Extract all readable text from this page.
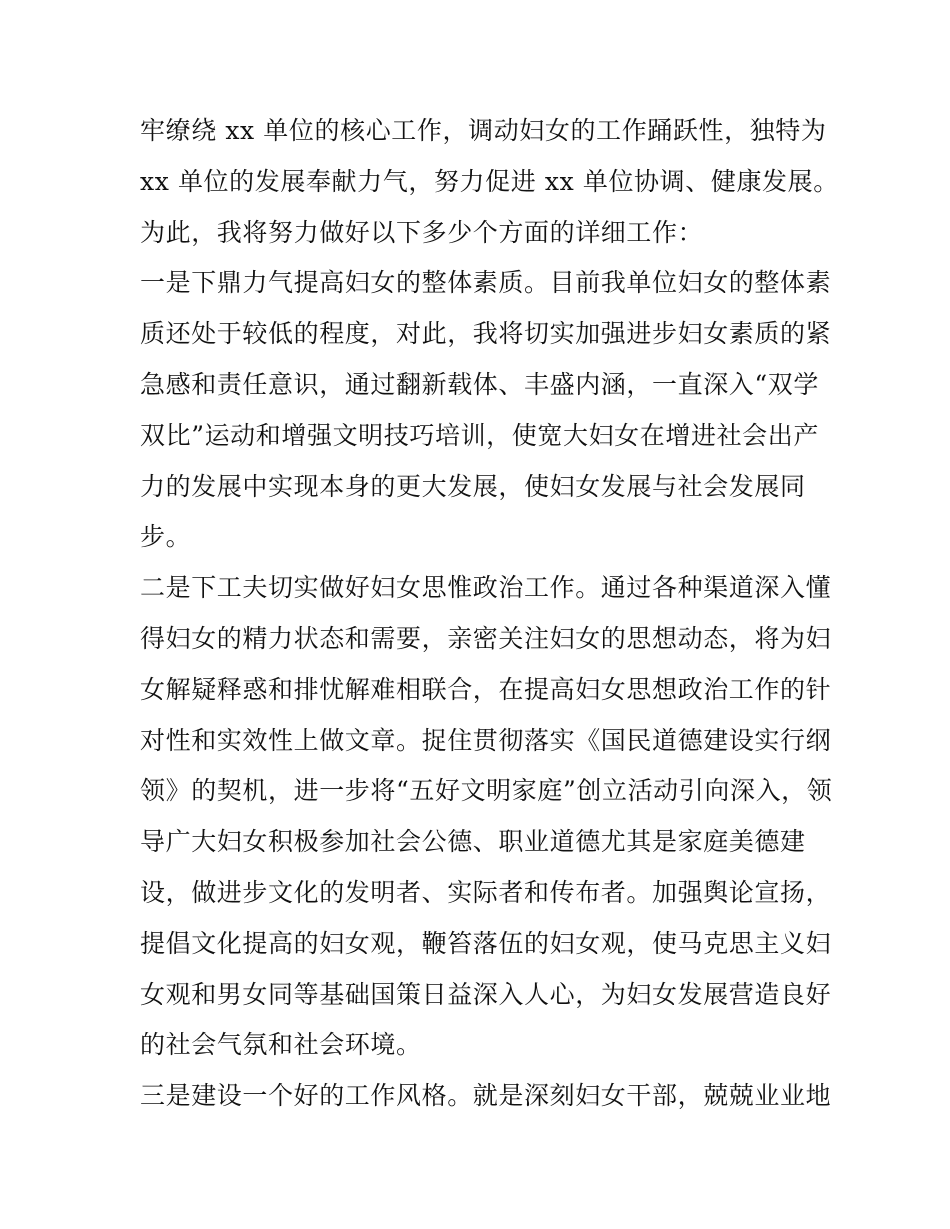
牢缭绕 xx 单位的核心工作，调动妇女的工作踊跃性，独特为
xx 单位的发展奉献力气，努力促进 xx 单位协调、健康发展。
为此，我将努力做好以下多少个方面的详细工作：
一是下鼎力气提高妇女的整体素质。目前我单位妇女的整体素
质还处于较低的程度，对此，我将切实加强进步妇女素质的紧
急感和责任意识，通过翻新载体、丰盛内涵，一直深入“双学
双比”运动和增强文明技巧培训，使宽大妇女在增进社会出产
力的发展中实现本身的更大发展，使妇女发展与社会发展同
步。
二是下工夫切实做好妇女思惟政治工作。通过各种渠道深入懂
得妇女的精力状态和需要，亲密关注妇女的思想动态，将为妇
女解疑释惑和排忧解难相联合，在提高妇女思想政治工作的针
对性和实效性上做文章。捉住贯彻落实《国民道德建设实行纲
领》的契机，进一步将“五好文明家庭”创立活动引向深入，领
导广大妇女积极参加社会公德、职业道德尤其是家庭美德建
设，做进步文化的发明者、实际者和传布者。加强舆论宣扬，
提倡文化提高的妇女观，鞭笞落伍的妇女观，使马克思主义妇
女观和男女同等基础国策日益深入人心，为妇女发展营造良好
的社会气氛和社会环境。
三是建设一个好的工作风格。就是深刻妇女干部，兢兢业业地
